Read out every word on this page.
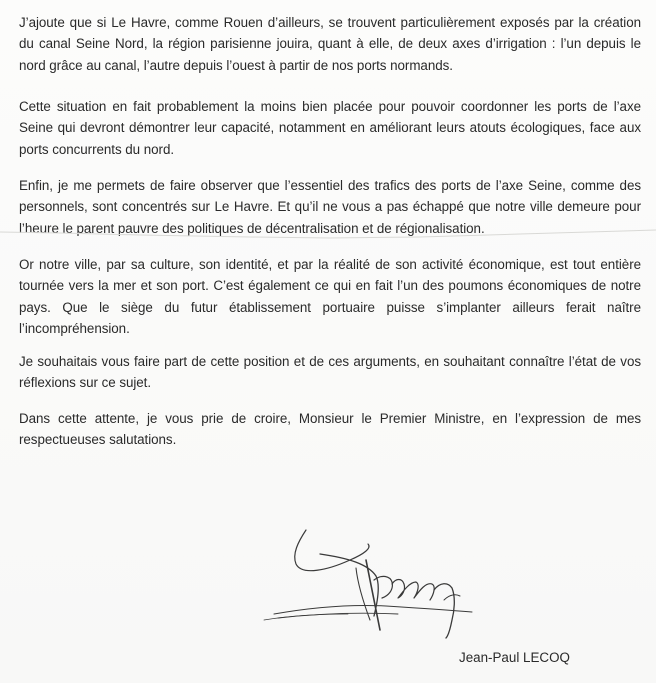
J’ajoute que si Le Havre, comme Rouen d’ailleurs, se trouvent particulièrement exposés par la création du canal Seine Nord, la région parisienne jouira, quant à elle, de deux axes d’irrigation : l’un depuis le nord grâce au canal, l’autre depuis l’ouest à partir de nos ports normands.

Cette situation en fait probablement la moins bien placée pour pouvoir coordonner les ports de l’axe Seine qui devront démontrer leur capacité, notamment en améliorant leurs atouts écologiques, face aux ports concurrents du nord.

Enfin, je me permets de faire observer que l’essentiel des trafics des ports de l’axe Seine, comme des personnels, sont concentrés sur Le Havre. Et qu’il ne vous a pas échappé que notre ville demeure pour l’heure le parent pauvre des politiques de décentralisation et de régionalisation.

Or notre ville, par sa culture, son identité, et par la réalité de son activité économique, est tout entière tournée vers la mer et son port. C’est également ce qui en fait l’un des poumons économiques de notre pays. Que le siège du futur établissement portuaire puisse s’implanter ailleurs ferait naître l’incompréhension.

Je souhaitais vous faire part de cette position et de ces arguments, en souhaitant connaître l’état de vos réflexions sur ce sujet.

Dans cette attente, je vous prie de croire, Monsieur le Premier Ministre, en l’expression de mes respectueuses salutations.

Jean-Paul LECOQ
